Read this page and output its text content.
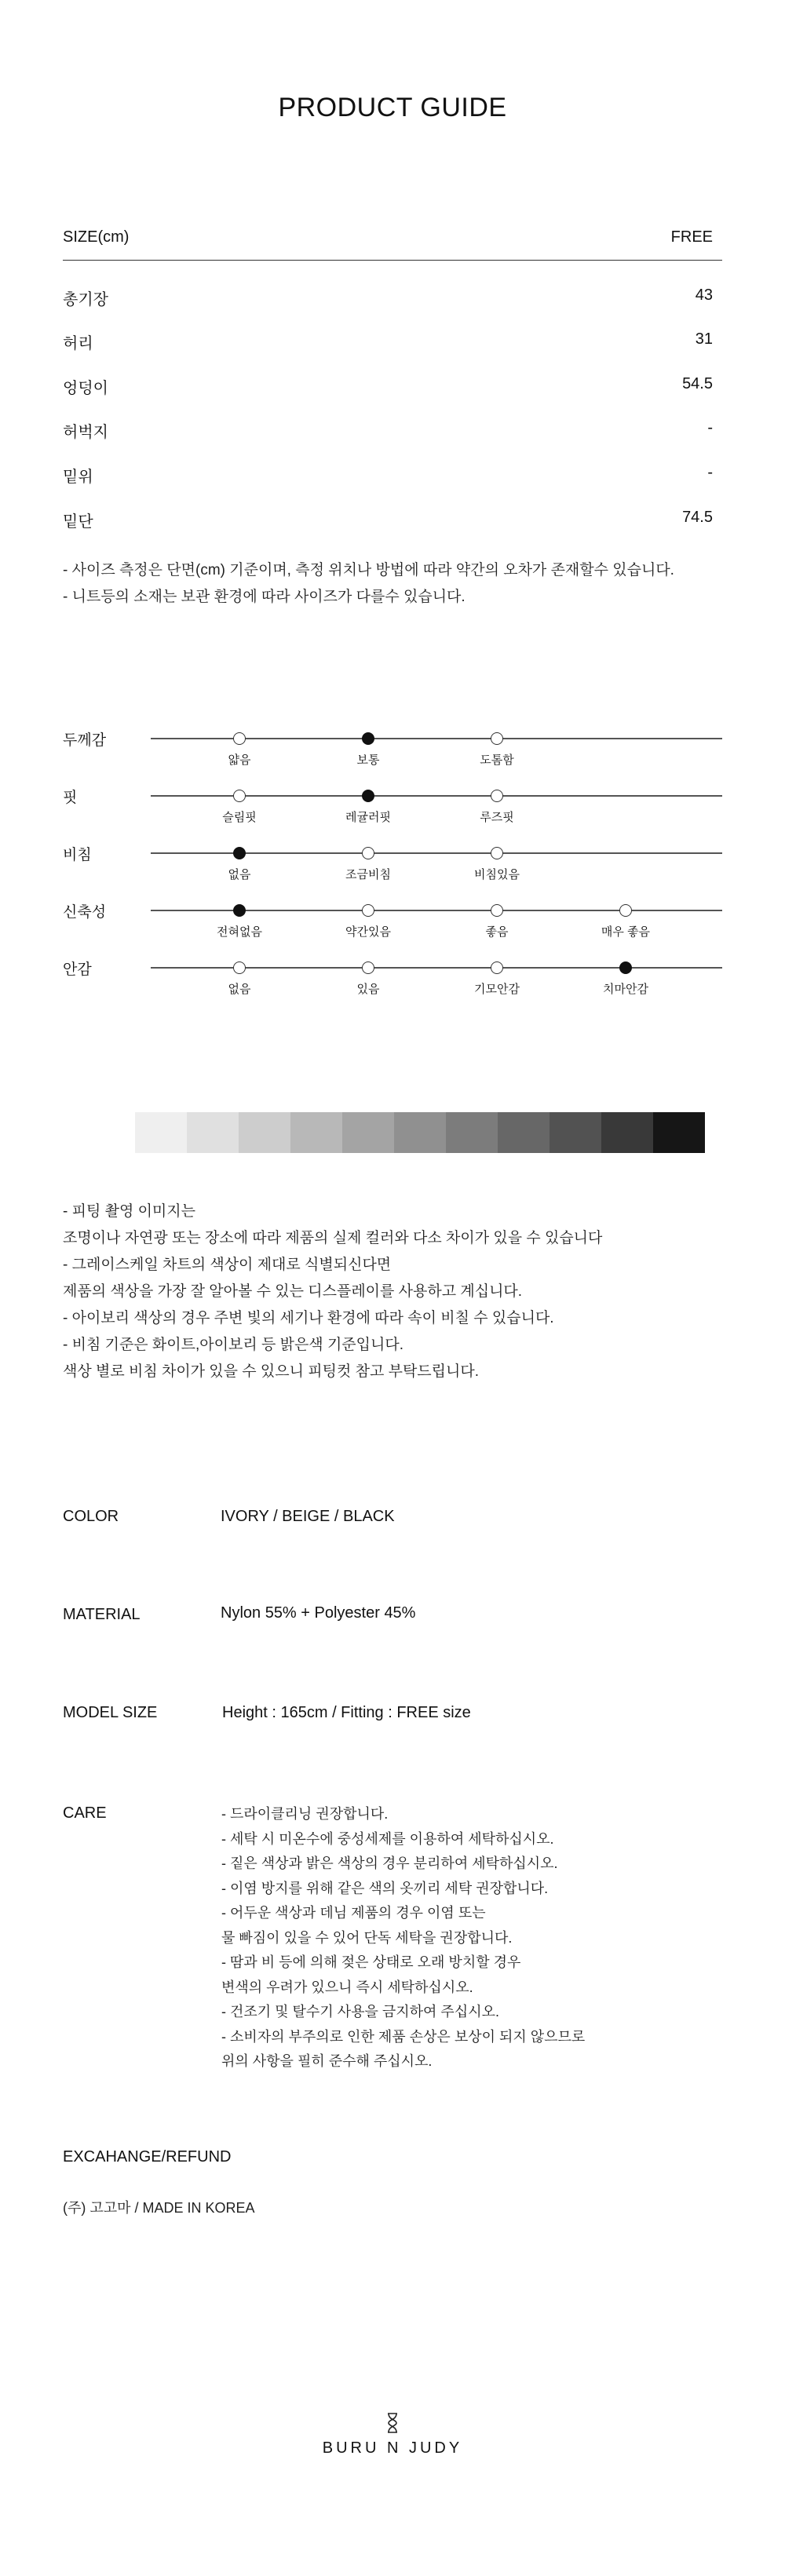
PRODUCT GUIDE
SIZE(cm)	FREE
총기장	43
허리	31
엉덩이	54.5
허벅지	-
밑위	-
밑단	74.5
- 사이즈 측정은 단면(cm) 기준이며, 측정 위치나 방법에 따라 약간의 오차가 존재할수 있습니다.
- 니트등의 소재는 보관 환경에 따라 사이즈가 다를수 있습니다.
두께감
얇음	보통	도톰함
핏
슬림핏	레귤러핏	루즈핏
비침
없음	조금비침	비침있음
신축성
전혀없음	약간있음	좋음	매우 좋음
안감
없음	있음	기모안감	치마안감
- 피팅 촬영 이미지는
조명이나 자연광 또는 장소에 따라 제품의 실제 컬러와 다소 차이가 있을 수 있습니다
- 그레이스케일 차트의 색상이 제대로 식별되신다면
제품의 색상을 가장 잘 알아볼 수 있는 디스플레이를 사용하고 계십니다.
- 아이보리 색상의 경우 주변 빛의 세기나 환경에 따라 속이 비칠 수 있습니다.
- 비침 기준은 화이트,아이보리 등 밝은색 기준입니다.
색상 별로 비침 차이가 있을 수 있으니 피팅컷 참고 부탁드립니다.
COLOR	IVORY / BEIGE / BLACK
MATERIAL	Nylon 55% + Polyester 45%
MODEL SIZE	Height : 165cm / Fitting : FREE size
CARE	- 드라이클리닝 권장합니다.
- 세탁 시 미온수에 중성세제를 이용하여 세탁하십시오.
- 짙은 색상과 밝은 색상의 경우 분리하여 세탁하십시오.
- 이염 방지를 위해 같은 색의 옷끼리 세탁 권장합니다.
- 어두운 색상과 데님 제품의 경우 이염 또는
물 빠짐이 있을 수 있어 단독 세탁을 권장합니다.
- 땀과 비 등에 의해 젖은 상태로 오래 방치할 경우
변색의 우려가 있으니 즉시 세탁하십시오.
- 건조기 및 탈수기 사용을 금지하여 주십시오.
- 소비자의 부주의로 인한 제품 손상은 보상이 되지 않으므로
위의 사항을 필히 준수해 주십시오.
EXCAHANGE/REFUND
(주) 고고마 / MADE IN KOREA
BURU N JUDY
